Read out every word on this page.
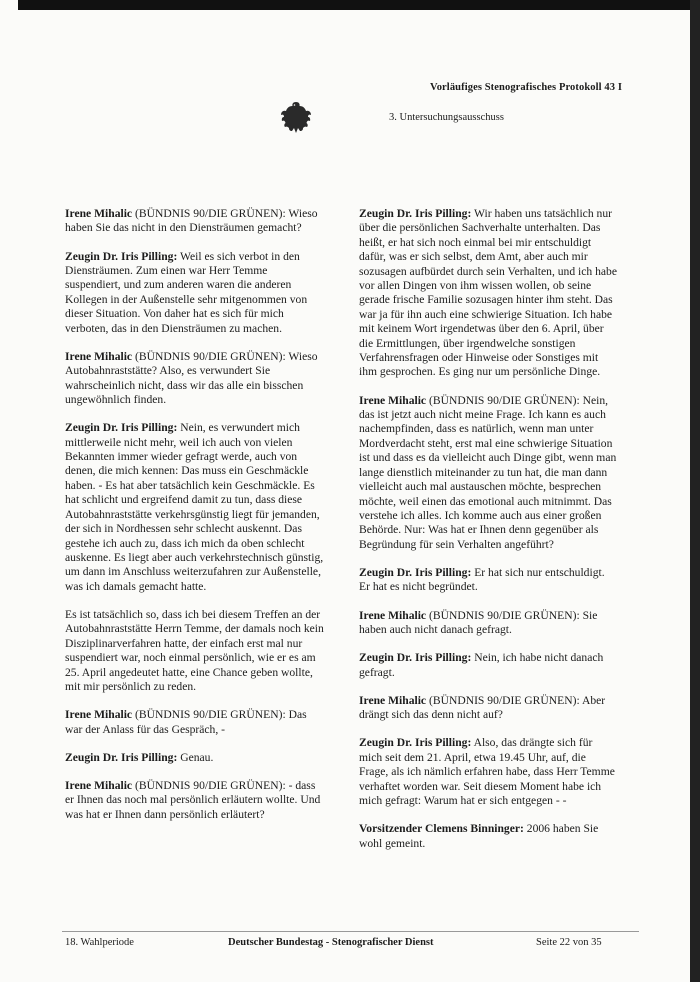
Vorläufiges Stenografisches Protokoll 43 I
3. Untersuchungsausschuss

Irene Mihalic (BÜNDNIS 90/DIE GRÜNEN): Wieso haben Sie das nicht in den Diensträumen gemacht?

Zeugin Dr. Iris Pilling: Weil es sich verbot in den Diensträumen. Zum einen war Herr Temme suspendiert, und zum anderen waren die anderen Kollegen in der Außenstelle sehr mitgenommen von dieser Situation. Von daher hat es sich für mich verboten, das in den Diensträumen zu machen.

Irene Mihalic (BÜNDNIS 90/DIE GRÜNEN): Wieso Autobahnraststätte? Also, es verwundert Sie wahrscheinlich nicht, dass wir das alle ein bisschen ungewöhnlich finden.

Zeugin Dr. Iris Pilling: Nein, es verwundert mich mittlerweile nicht mehr, weil ich auch von vielen Bekannten immer wieder gefragt werde, auch von denen, die mich kennen: Das muss ein Geschmäckle haben. - Es hat aber tatsächlich kein Geschmäckle. Es hat schlicht und ergreifend damit zu tun, dass diese Autobahnraststätte verkehrsgünstig liegt für jemanden, der sich in Nordhessen sehr schlecht auskennt. Das gestehe ich auch zu, dass ich mich da oben schlecht auskenne. Es liegt aber auch verkehrstechnisch günstig, um dann im Anschluss weiterzufahren zur Außenstelle, was ich damals gemacht hatte.

Es ist tatsächlich so, dass ich bei diesem Treffen an der Autobahnraststätte Herrn Temme, der damals noch kein Disziplinarverfahren hatte, der einfach erst mal nur suspendiert war, noch einmal persönlich, wie er es am 25. April angedeutet hatte, eine Chance geben wollte, mit mir persönlich zu reden.

Irene Mihalic (BÜNDNIS 90/DIE GRÜNEN): Das war der Anlass für das Gespräch, -

Zeugin Dr. Iris Pilling: Genau.

Irene Mihalic (BÜNDNIS 90/DIE GRÜNEN): - dass er Ihnen das noch mal persönlich erläutern wollte. Und was hat er Ihnen dann persönlich erläutert?

Zeugin Dr. Iris Pilling: Wir haben uns tatsächlich nur über die persönlichen Sachverhalte unterhalten. Das heißt, er hat sich noch einmal bei mir entschuldigt dafür, was er sich selbst, dem Amt, aber auch mir sozusagen aufbürdet durch sein Verhalten, und ich habe vor allen Dingen von ihm wissen wollen, ob seine gerade frische Familie sozusagen hinter ihm steht. Das war ja für ihn auch eine schwierige Situation. Ich habe mit keinem Wort irgendetwas über den 6. April, über die Ermittlungen, über irgendwelche sonstigen Verfahrensfragen oder Hinweise oder Sonstiges mit ihm gesprochen. Es ging nur um persönliche Dinge.

Irene Mihalic (BÜNDNIS 90/DIE GRÜNEN): Nein, das ist jetzt auch nicht meine Frage. Ich kann es auch nachempfinden, dass es natürlich, wenn man unter Mordverdacht steht, erst mal eine schwierige Situation ist und dass es da vielleicht auch Dinge gibt, wenn man lange dienstlich miteinander zu tun hat, die man dann vielleicht auch mal austauschen möchte, besprechen möchte, weil einen das emotional auch mitnimmt. Das verstehe ich alles. Ich komme auch aus einer großen Behörde. Nur: Was hat er Ihnen denn gegenüber als Begründung für sein Verhalten angeführt?

Zeugin Dr. Iris Pilling: Er hat sich nur entschuldigt. Er hat es nicht begründet.

Irene Mihalic (BÜNDNIS 90/DIE GRÜNEN): Sie haben auch nicht danach gefragt.

Zeugin Dr. Iris Pilling: Nein, ich habe nicht danach gefragt.

Irene Mihalic (BÜNDNIS 90/DIE GRÜNEN): Aber drängt sich das denn nicht auf?

Zeugin Dr. Iris Pilling: Also, das drängte sich für mich seit dem 21. April, etwa 19.45 Uhr, auf, die Frage, als ich nämlich erfahren habe, dass Herr Temme verhaftet worden war. Seit diesem Moment habe ich mich gefragt: Warum hat er sich entgegen - -

Vorsitzender Clemens Binninger: 2006 haben Sie wohl gemeint.

18. Wahlperiode	Deutscher Bundestag - Stenografischer Dienst	Seite 22 von 35
